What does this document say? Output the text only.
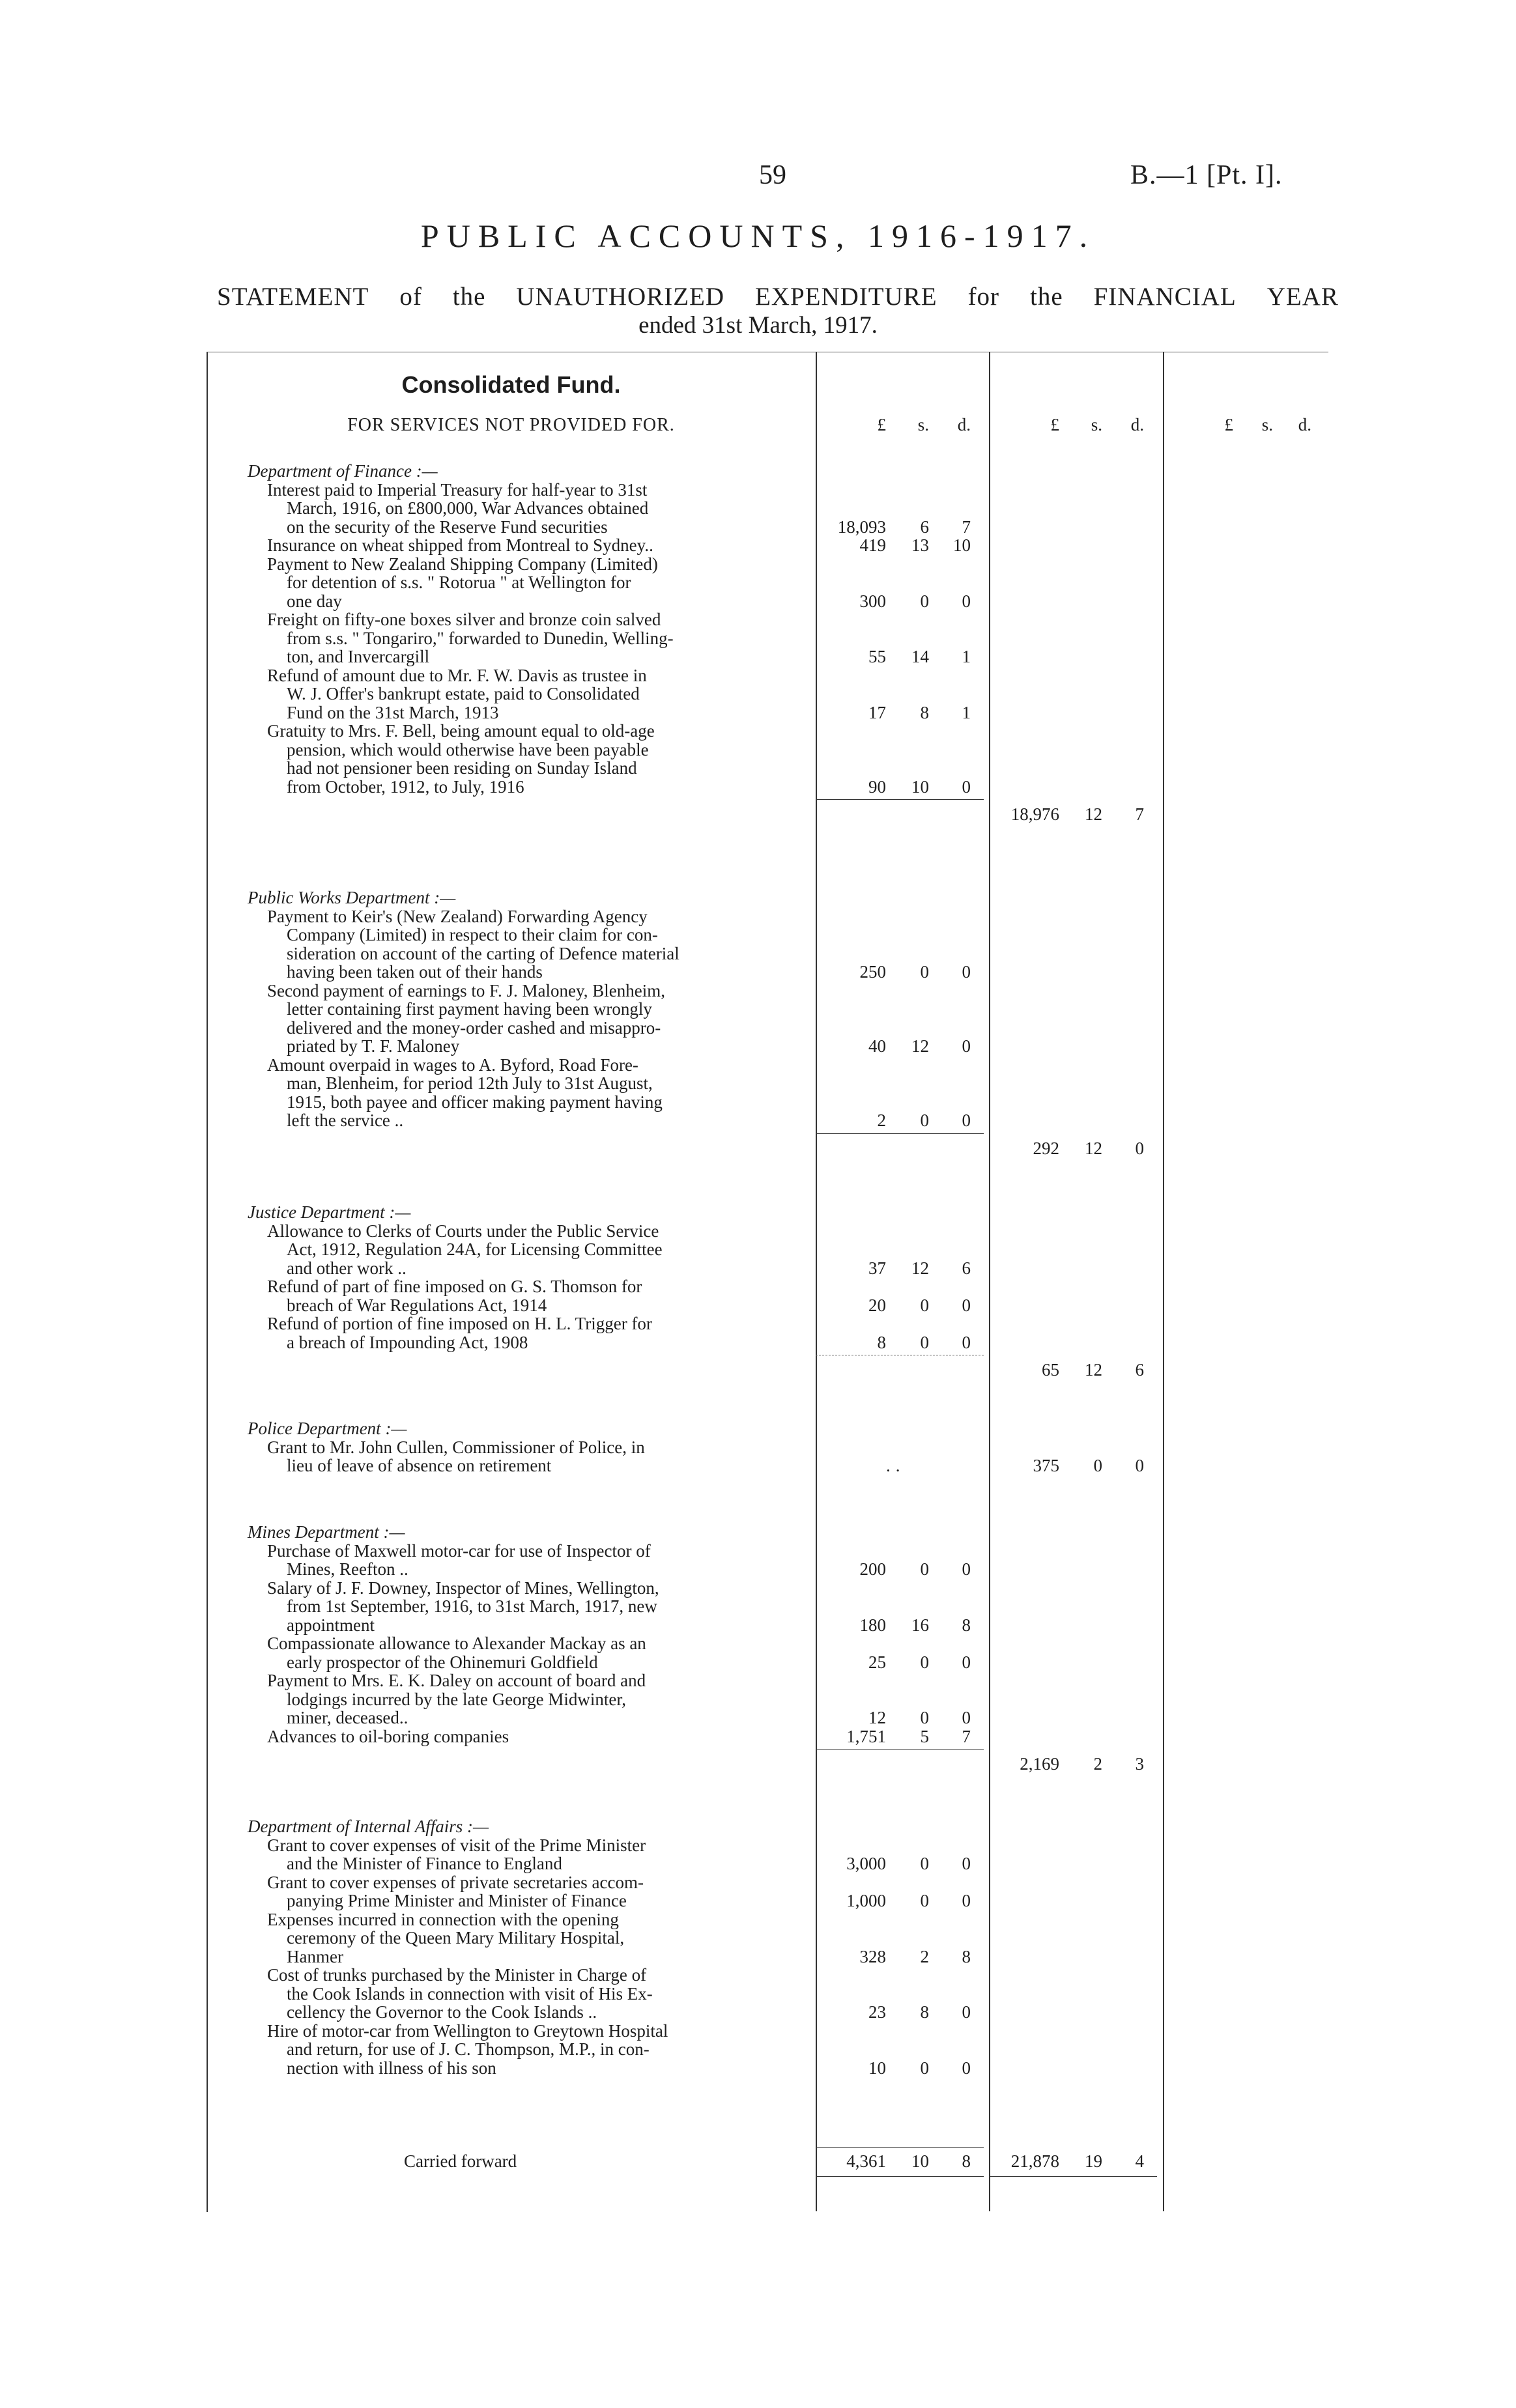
59	B.—1 [Pt. I].
PUBLIC ACCOUNTS, 1916-1917.
STATEMENT of the UNAUTHORIZED EXPENDITURE for the FINANCIAL YEAR
ended 31st March, 1917.
Consolidated Fund.
FOR SERVICES NOT PROVIDED FOR.	£	s.	d.	£	s.	d.	£	s.	d.
Department of Finance :—
Interest paid to Imperial Treasury for half-year to 31st
March, 1916, on £800,000, War Advances obtained
on the security of the Reserve Fund securities	18,093	6	7
Insurance on wheat shipped from Montreal to Sydney..	419	13	10
Payment to New Zealand Shipping Company (Limited)
for detention of s.s. " Rotorua " at Wellington for
one day	300	0	0
Freight on fifty-one boxes silver and bronze coin salved
from s.s. " Tongariro," forwarded to Dunedin, Welling-
ton, and Invercargill	55	14	1
Refund of amount due to Mr. F. W. Davis as trustee in
W. J. Offer's bankrupt estate, paid to Consolidated
Fund on the 31st March, 1913	17	8	1
Gratuity to Mrs. F. Bell, being amount equal to old-age
pension, which would otherwise have been payable
had not pensioner been residing on Sunday Island
from October, 1912, to July, 1916	90	10	0
18,976	12	7
Public Works Department :—
Payment to Keir's (New Zealand) Forwarding Agency
Company (Limited) in respect to their claim for con-
sideration on account of the carting of Defence material
having been taken out of their hands	250	0	0
Second payment of earnings to F. J. Maloney, Blenheim,
letter containing first payment having been wrongly
delivered and the money-order cashed and misappro-
priated by T. F. Maloney	40	12	0
Amount overpaid in wages to A. Byford, Road Fore-
man, Blenheim, for period 12th July to 31st August,
1915, both payee and officer making payment having
left the service ..	2	0	0
292	12	0
Justice Department :—
Allowance to Clerks of Courts under the Public Service
Act, 1912, Regulation 24A, for Licensing Committee
and other work ..	37	12	6
Refund of part of fine imposed on G. S. Thomson for
breach of War Regulations Act, 1914	20	0	0
Refund of portion of fine imposed on H. L. Trigger for
a breach of Impounding Act, 1908	8	0	0
65	12	6
Police Department :—
Grant to Mr. John Cullen, Commissioner of Police, in
lieu of leave of absence on retirement	..	375	0	0
Mines Department :—
Purchase of Maxwell motor-car for use of Inspector of
Mines, Reefton ..	200	0	0
Salary of J. F. Downey, Inspector of Mines, Wellington,
from 1st September, 1916, to 31st March, 1917, new
appointment	180	16	8
Compassionate allowance to Alexander Mackay as an
early prospector of the Ohinemuri Goldfield	25	0	0
Payment to Mrs. E. K. Daley on account of board and
lodgings incurred by the late George Midwinter,
miner, deceased..	12	0	0
Advances to oil-boring companies	1,751	5	7
2,169	2	3
Department of Internal Affairs :—
Grant to cover expenses of visit of the Prime Minister
and the Minister of Finance to England	3,000	0	0
Grant to cover expenses of private secretaries accom-
panying Prime Minister and Minister of Finance	1,000	0	0
Expenses incurred in connection with the opening
ceremony of the Queen Mary Military Hospital,
Hanmer	328	2	8
Cost of trunks purchased by the Minister in Charge of
the Cook Islands in connection with visit of His Ex-
cellency the Governor to the Cook Islands ..	23	8	0
Hire of motor-car from Wellington to Greytown Hospital
and return, for use of J. C. Thompson, M.P., in con-
nection with illness of his son	10	0	0
Carried forward	4,361	10	8	21,878	19	4
